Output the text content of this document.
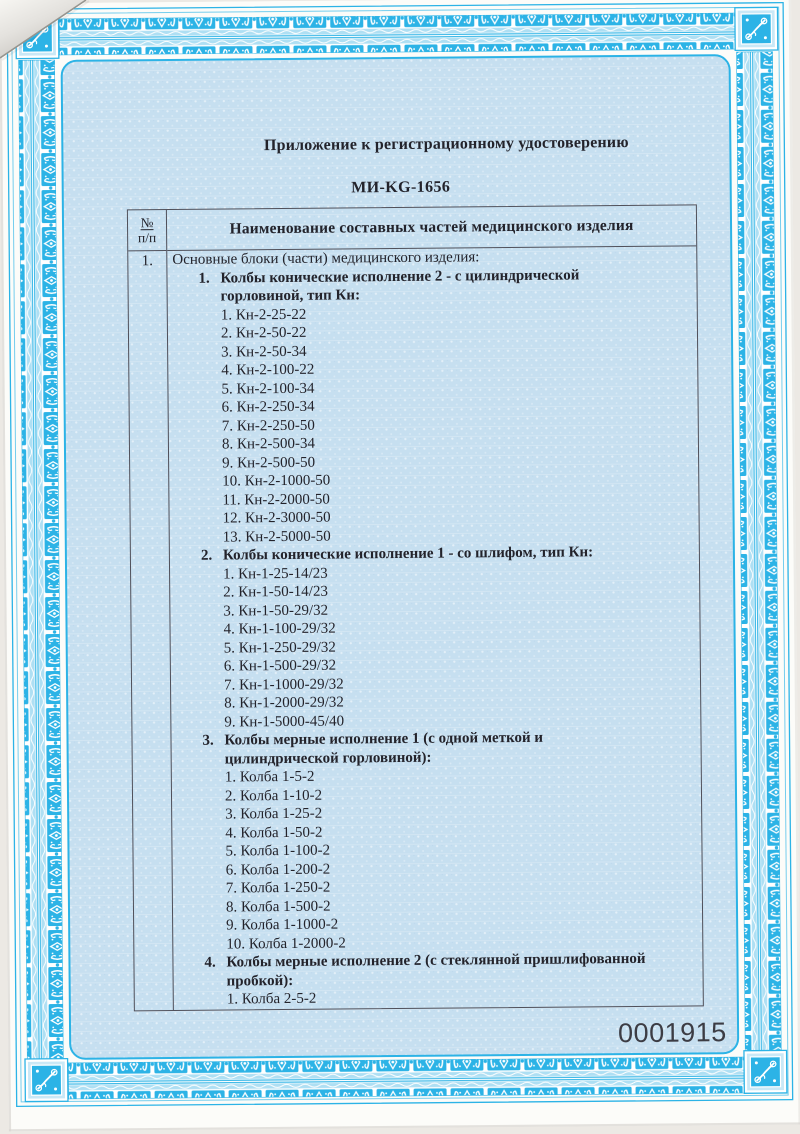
Приложение к регистрационному удостоверению
МИ-KG-1656
№
п/п
Наименование составных частей медицинского изделия
1.	Основные блоки (части) медицинского изделия:
1. Колбы конические исполнение 2 - с цилиндрической
горловиной, тип Кн:
1. Кн-2-25-22
2. Кн-2-50-22
3. Кн-2-50-34
4. Кн-2-100-22
5. Кн-2-100-34
6. Кн-2-250-34
7. Кн-2-250-50
8. Кн-2-500-34
9. Кн-2-500-50
10. Кн-2-1000-50
11. Кн-2-2000-50
12. Кн-2-3000-50
13. Кн-2-5000-50
2. Колбы конические исполнение 1 - со шлифом, тип Кн:
1. Кн-1-25-14/23
2. Кн-1-50-14/23
3. Кн-1-50-29/32
4. Кн-1-100-29/32
5. Кн-1-250-29/32
6. Кн-1-500-29/32
7. Кн-1-1000-29/32
8. Кн-1-2000-29/32
9. Кн-1-5000-45/40
3. Колбы мерные исполнение 1 (с одной меткой и
цилиндрической горловиной):
1. Колба 1-5-2
2. Колба 1-10-2
3. Колба 1-25-2
4. Колба 1-50-2
5. Колба 1-100-2
6. Колба 1-200-2
7. Колба 1-250-2
8. Колба 1-500-2
9. Колба 1-1000-2
10. Колба 1-2000-2
4. Колбы мерные исполнение 2 (с стеклянной пришлифованной
пробкой):
1. Колба 2-5-2
0001915
